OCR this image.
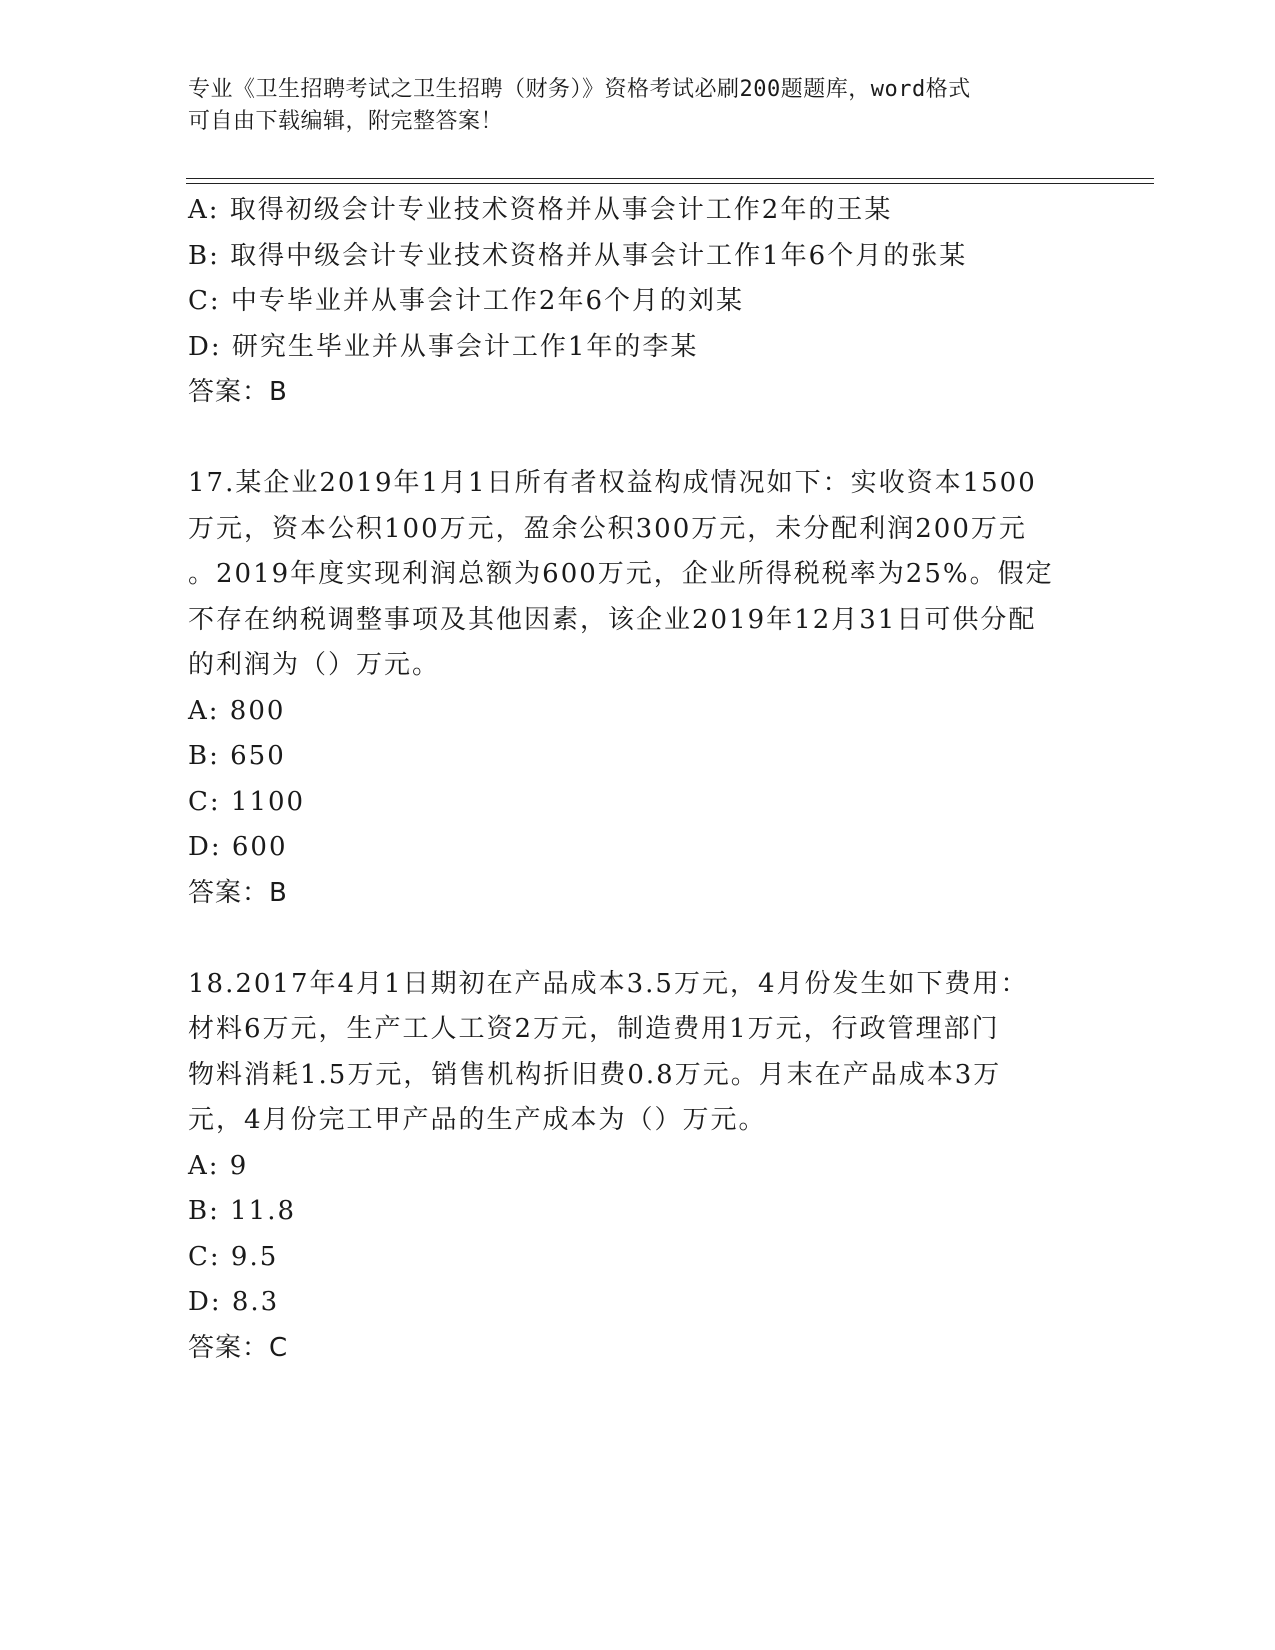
专业《卫生招聘考试之卫生招聘（财务）》资格考试必刷200题题库，word格式
可自由下载编辑，附完整答案！
A: 取得初级会计专业技术资格并从事会计工作2年的王某
B: 取得中级会计专业技术资格并从事会计工作1年6个月的张某
C: 中专毕业并从事会计工作2年6个月的刘某
D: 研究生毕业并从事会计工作1年的李某
答案：B
17.某企业2019年1月1日所有者权益构成情况如下：实收资本1500
万元，资本公积100万元，盈余公积300万元，未分配利润200万元
。2019年度实现利润总额为600万元，企业所得税税率为25%。假定
不存在纳税调整事项及其他因素，该企业2019年12月31日可供分配
的利润为（）万元。
A: 800
B: 650
C: 1100
D: 600
答案：B
18.2017年4月1日期初在产品成本3.5万元，4月份发生如下费用：
材料6万元，生产工人工资2万元，制造费用1万元，行政管理部门
物料消耗1.5万元，销售机构折旧费0.8万元。月末在产品成本3万
元，4月份完工甲产品的生产成本为（）万元。
A: 9
B: 11.8
C: 9.5
D: 8.3
答案：C
